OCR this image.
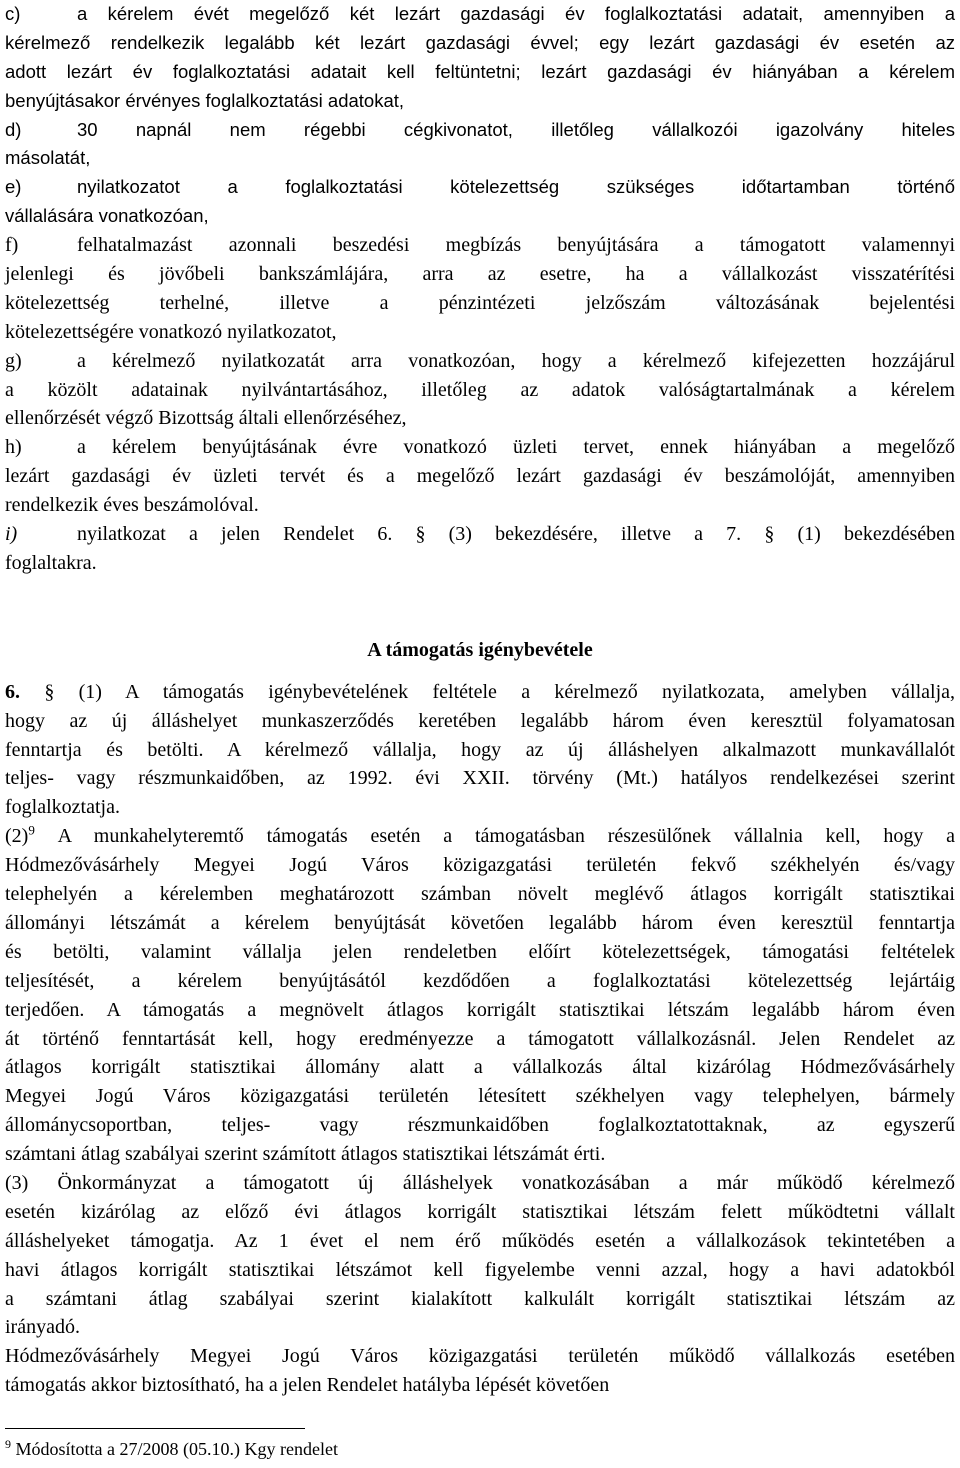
c)	a kérelem évét megelőző két lezárt gazdasági év foglalkoztatási adatait, amennyiben a
kérelmező rendelkezik legalább két lezárt gazdasági évvel; egy lezárt gazdasági év esetén az
adott lezárt év foglalkoztatási adatait kell feltüntetni; lezárt gazdasági év hiányában a kérelem
benyújtásakor érvényes foglalkoztatási adatokat,
d)	30 napnál nem régebbi cégkivonatot, illetőleg vállalkozói igazolvány hiteles
másolatát,
e)	nyilatkozatot a foglalkoztatási kötelezettség szükséges időtartamban történő
vállalására vonatkozóan,
f)	felhatalmazást azonnali beszedési megbízás benyújtására a támogatott valamennyi
jelenlegi és jövőbeli bankszámlájára, arra az esetre, ha a vállalkozást visszatérítési
kötelezettség terhelné, illetve a pénzintézeti jelzőszám változásának bejelentési
kötelezettségére vonatkozó nyilatkozatot,
g)	a kérelmező nyilatkozatát arra vonatkozóan, hogy a kérelmező kifejezetten hozzájárul
a közölt adatainak nyilvántartásához, illetőleg az adatok valóságtartalmának a kérelem
ellenőrzését végző Bizottság általi ellenőrzéséhez,
h)	a kérelem benyújtásának évre vonatkozó üzleti tervet, ennek hiányában a megelőző
lezárt gazdasági év üzleti tervét és a megelőző lezárt gazdasági év beszámolóját, amennyiben
rendelkezik éves beszámolóval.
i)	nyilatkozat a jelen Rendelet 6. § (3) bekezdésére, illetve a 7. § (1) bekezdésében
foglaltakra.
A támogatás igénybevétele
6. § (1) A támogatás igénybevételének feltétele a kérelmező nyilatkozata, amelyben vállalja,
hogy az új álláshelyet munkaszerződés keretében legalább három éven keresztül folyamatosan
fenntartja és betölti. A kérelmező vállalja, hogy az új álláshelyen alkalmazott munkavállalót
teljes- vagy részmunkaidőben, az 1992. évi XXII. törvény (Mt.) hatályos rendelkezései szerint
foglalkoztatja.
$(2)^9$ A munkahelyteremtő támogatás esetén a támogatásban részesülőnek vállalnia kell, hogy a
Hódmezővásárhely Megyei Jogú Város közigazgatási területén fekvő székhelyén és/vagy
telephelyén a kérelemben meghatározott számban növelt meglévő átlagos korrigált statisztikai
állományi létszámát a kérelem benyújtását követően legalább három éven keresztül fenntartja
és betölti, valamint vállalja jelen rendeletben előírt kötelezettségek, támogatási feltételek
teljesítését, a kérelem benyújtásától kezdődően a foglalkoztatási kötelezettség lejártáig
terjedően. A támogatás a megnövelt átlagos korrigált statisztikai létszám legalább három éven
át történő fenntartását kell, hogy eredményezze a támogatott vállalkozásnál. Jelen Rendelet az
átlagos korrigált statisztikai állomány alatt a vállalkozás által kizárólag Hódmezővásárhely
Megyei Jogú Város közigazgatási területén létesített székhelyen vagy telephelyen, bármely
állománycsoportban, teljes- vagy részmunkaidőben foglalkoztatottaknak, az egyszerű
számtani átlag szabályai szerint számított átlagos statisztikai létszámát érti.
(3) Önkormányzat a támogatott új álláshelyek vonatkozásában a már működő kérelmező
esetén kizárólag az előző évi átlagos korrigált statisztikai létszám felett működtetni vállalt
álláshelyeket támogatja. Az 1 évet el nem érő működés esetén a vállalkozások tekintetében a
havi átlagos korrigált statisztikai létszámot kell figyelembe venni azzal, hogy a havi adatokból
a számtani átlag szabályai szerint kialakított kalkulált korrigált statisztikai létszám az
irányadó.
Hódmezővásárhely Megyei Jogú Város közigazgatási területén működő vállalkozás esetében
támogatás akkor biztosítható, ha a jelen Rendelet hatályba lépését követően
$^9$ Módosította a 27/2008 (05.10.) Kgy rendelet
